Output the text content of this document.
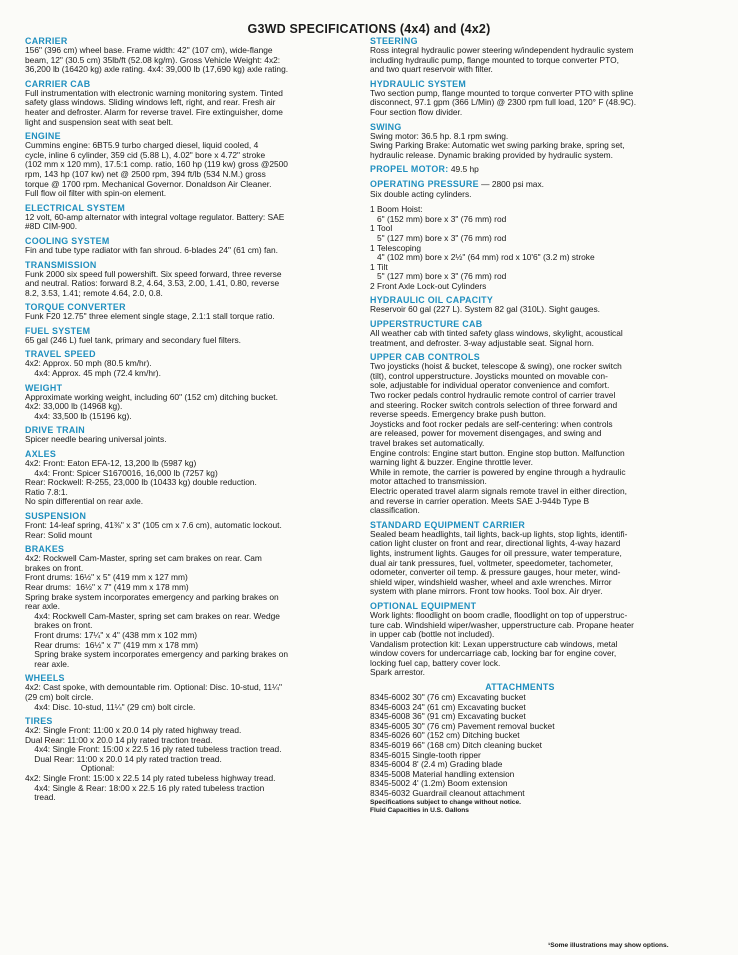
G3WD SPECIFICATIONS (4x4) and (4x2)
CARRIER
156" (396 cm) wheel base. Frame width: 42" (107 cm), wide-flange
beam, 12" (30.5 cm) 35lb/ft (52.08 kg/m). Gross Vehicle Weight: 4x2:
36,200 lb (16420 kg) axle rating. 4x4: 39,000 lb (17,690 kg) axle rating.
CARRIER CAB
Full instrumentation with electronic warning monitoring system. Tinted
safety glass windows. Sliding windows left, right, and rear. Fresh air
heater and defroster. Alarm for reverse travel. Fire extinguisher, dome
light and suspension seat with seat belt.
ENGINE
Cummins engine: 6BT5.9 turbo charged diesel, liquid cooled, 4
cycle, inline 6 cylinder, 359 cid (5.88 L), 4.02" bore x 4.72" stroke
(102 mm x 120 mm), 17.5:1 comp. ratio, 160 hp (119 kw) gross @2500
rpm, 143 hp (107 kw) net @ 2500 rpm, 394 ft/lb (534 N.M.) gross
torque @ 1700 rpm. Mechanical Governor. Donaldson Air Cleaner.
Full flow oil filter with spin-on element.
ELECTRICAL SYSTEM
12 volt, 60-amp alternator with integral voltage regulator. Battery: SAE
#8D CIM-900.
COOLING SYSTEM
Fin and tube type radiator with fan shroud. 6-blades 24" (61 cm) fan.
TRANSMISSION
Funk 2000 six speed full powershift. Six speed forward, three reverse
and neutral. Ratios: forward 8.2, 4.64, 3.53, 2.00, 1.41, 0.80, reverse
8.2, 3.53, 1.41; remote 4.64, 2.0, 0.8.
TORQUE CONVERTER
Funk F20 12.75" three element single stage, 2.1:1 stall torque ratio.
FUEL SYSTEM
65 gal (246 L) fuel tank, primary and secondary fuel filters.
TRAVEL SPEED
4x2: Approx. 50 mph (80.5 km/hr).
4x4: Approx. 45 mph (72.4 km/hr).
WEIGHT
Approximate working weight, including 60" (152 cm) ditching bucket.
4x2: 33,000 lb (14968 kg).
4x4: 33,500 lb (15196 kg).
DRIVE TRAIN
Spicer needle bearing universal joints.
AXLES
4x2: Front: Eaton EFA-12, 13,200 lb (5987 kg)
4x4: Front: Spicer S1670016, 16,000 lb (7257 kg)
Rear: Rockwell: R-255, 23,000 lb (10433 kg) double reduction.
Ratio 7.8:1.
No spin differential on rear axle.
SUSPENSION
Front: 14-leaf spring, 41⅜" x 3" (105 cm x 7.6 cm), automatic lockout.
Rear: Solid mount
BRAKES
4x2: Rockwell Cam-Master, spring set cam brakes on rear. Cam
brakes on front.
Front drums: 16½" x 5" (419 mm x 127 mm)
Rear drums:  16½" x 7" (419 mm x 178 mm)
Spring brake system incorporates emergency and parking brakes on
rear axle.
4x4: Rockwell Cam-Master, spring set cam brakes on rear. Wedge
brakes on front.
Front drums: 17¼" x 4" (438 mm x 102 mm)
Rear drums:  16½" x 7" (419 mm x 178 mm)
Spring brake system incorporates emergency and parking brakes on
rear axle.
WHEELS
4x2: Cast spoke, with demountable rim. Optional: Disc. 10-stud, 11¼"
(29 cm) bolt circle.
4x4: Disc. 10-stud, 11¼" (29 cm) bolt circle.
TIRES
4x2: Single Front: 11:00 x 20.0 14 ply rated highway tread.
Dual Rear: 11:00 x 20.0 14 ply rated traction tread.
4x4: Single Front: 15:00 x 22.5 16 ply rated tubeless traction tread.
Dual Rear: 11:00 x 20.0 14 ply rated traction tread.
Optional:
4x2: Single Front: 15:00 x 22.5 14 ply rated tubeless highway tread.
4x4: Single & Rear: 18:00 x 22.5 16 ply rated tubeless traction
tread.
STEERING
Ross integral hydraulic power steering w/independent hydraulic system
including hydraulic pump, flange mounted to torque converter PTO,
and two quart reservoir with filter.
HYDRAULIC SYSTEM
Two section pump, flange mounted to torque converter PTO with spline
disconnect, 97.1 gpm (366 L/Min) @ 2300 rpm full load, 120° F (48.9C).
Four section flow divider.
SWING
Swing motor: 36.5 hp. 8.1 rpm swing.
Swing Parking Brake: Automatic wet swing parking brake, spring set,
hydraulic release. Dynamic braking provided by hydraulic system.
PROPEL MOTOR: 49.5 hp
OPERATING PRESSURE — 2800 psi max.
Six double acting cylinders.
1 Boom Hoist:
6" (152 mm) bore x 3" (76 mm) rod
1 Tool
5" (127 mm) bore x 3" (76 mm) rod
1 Telescoping
4" (102 mm) bore x 2½" (64 mm) rod x 10'6" (3.2 m) stroke
1 Tilt
5" (127 mm) bore x 3" (76 mm) rod
2 Front Axle Lock-out Cylinders
HYDRAULIC OIL CAPACITY
Reservoir 60 gal (227 L). System 82 gal (310L). Sight gauges.
UPPERSTRUCTURE CAB
All weather cab with tinted safety glass windows, skylight, acoustical
treatment, and defroster. 3-way adjustable seat. Signal horn.
UPPER CAB CONTROLS
Two joysticks (hoist & bucket, telescope & swing), one rocker switch
(tilt), control upperstructure. Joysticks mounted on movable con-
sole, adjustable for individual operator convenience and comfort.
Two rocker pedals control hydraulic remote control of carrier travel
and steering. Rocker switch controls selection of three forward and
reverse speeds. Emergency brake push button.
Joysticks and foot rocker pedals are self-centering: when controls
are released, power for movement disengages, and swing and
travel brakes set automatically.
Engine controls: Engine start button. Engine stop button. Malfunction
warning light & buzzer. Engine throttle lever.
While in remote, the carrier is powered by engine through a hydraulic
motor attached to transmission.
Electric operated travel alarm signals remote travel in either direction,
and reverse in carrier operation. Meets SAE J-944b Type B
classification.
STANDARD EQUIPMENT CARRIER
Sealed beam headlights, tail lights, back-up lights, stop lights, identifi-
cation light cluster on front and rear, directional lights, 4-way hazard
lights, instrument lights. Gauges for oil pressure, water temperature,
dual air tank pressures, fuel, voltmeter, speedometer, tachometer,
odometer, converter oil temp. & pressure gauges, hour meter, wind-
shield wiper, windshield washer, wheel and axle wrenches. Mirror
system with plane mirrors. Front tow hooks. Tool box. Air dryer.
OPTIONAL EQUIPMENT
Work lights: floodlight on boom cradle, floodlight on top of upperstruc-
ture cab. Windshield wiper/washer, upperstructure cab. Propane heater
in upper cab (bottle not included).
Vandalism protection kit: Lexan upperstructure cab windows, metal
window covers for undercarriage cab, locking bar for engine cover,
locking fuel cap, battery cover lock.
Spark arrestor.
ATTACHMENTS
8345-6002 30" (76 cm) Excavating bucket
8345-6003 24" (61 cm) Excavating bucket
8345-6008 36" (91 cm) Excavating bucket
8345-6005 30" (76 cm) Pavement removal bucket
8345-6026 60" (152 cm) Ditching bucket
8345-6019 66" (168 cm) Ditch cleaning bucket
8345-6015 Single-tooth ripper
8345-6004 8' (2.4 m) Grading blade
8345-5008 Material handling extension
8345-5002 4' (1.2m) Boom extension
8345-6032 Guardrail cleanout attachment
Specifications subject to change without notice.
Fluid Capacities in U.S. Gallons
¹Some illustrations may show options.
